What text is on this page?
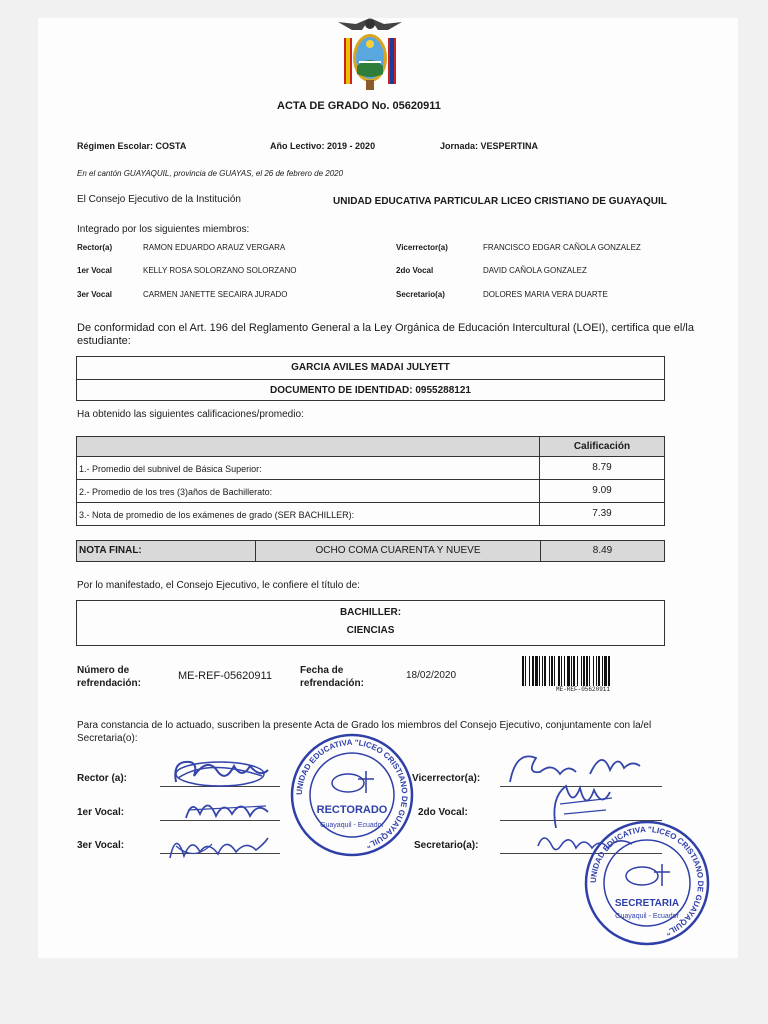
ACTA DE GRADO No. 05620911
Régimen Escolar: COSTA	Año Lectivo: 2019 - 2020	Jornada: VESPERTINA
En el cantón GUAYAQUIL, provincia de GUAYAS, el 26 de febrero de 2020
El Consejo Ejecutivo de la Institución	UNIDAD EDUCATIVA PARTICULAR LICEO CRISTIANO DE GUAYAQUIL
Integrado por los siguientes miembros:
Rector(a)	RAMON EDUARDO ARAUZ VERGARA	Vicerrector(a)	FRANCISCO EDGAR CAÑOLA GONZALEZ
1er Vocal	KELLY ROSA SOLORZANO SOLORZANO	2do Vocal	DAVID CAÑOLA GONZALEZ
3er Vocal	CARMEN JANETTE SECAIRA JURADO	Secretario(a)	DOLORES MARIA VERA DUARTE
De conformidad con el Art. 196 del Reglamento General a la Ley Orgánica de Educación Intercultural (LOEI), certifica que el/la estudiante:
GARCIA AVILES MADAI JULYETT
DOCUMENTO DE IDENTIDAD: 0955288121
Ha obtenido las siguientes calificaciones/promedio:
Calificación
1.- Promedio del subnivel de Básica Superior:	8.79
2.- Promedio de los tres (3)años de Bachillerato:	9.09
3.- Nota de promedio de los exámenes de grado (SER BACHILLER):	7.39
NOTA FINAL:	OCHO COMA CUARENTA Y NUEVE	8.49
Por lo manifestado, el Consejo Ejecutivo, le confiere el título de:
BACHILLER:
CIENCIAS
Número de
refrendación:
ME-REF-05620911	Fecha de
refrendación:
18/02/2020
ME-REF-05620911
Para constancia de lo actuado, suscriben la presente Acta de Grado los miembros del Consejo Ejecutivo, conjuntamente con la/el Secretaria(o):
Rector (a):
1er Vocal:
3er Vocal:
Vicerrector(a):
2do Vocal:
Secretario(a):
UNIDAD EDUCATIVA "LICEO CRISTIANO DE GUAYAQUIL"
RECTORADO
Guayaquil - Ecuador
UNIDAD EDUCATIVA "LICEO CRISTIANO DE GUAYAQUIL"
SECRETARIA
Guayaquil - Ecuador
